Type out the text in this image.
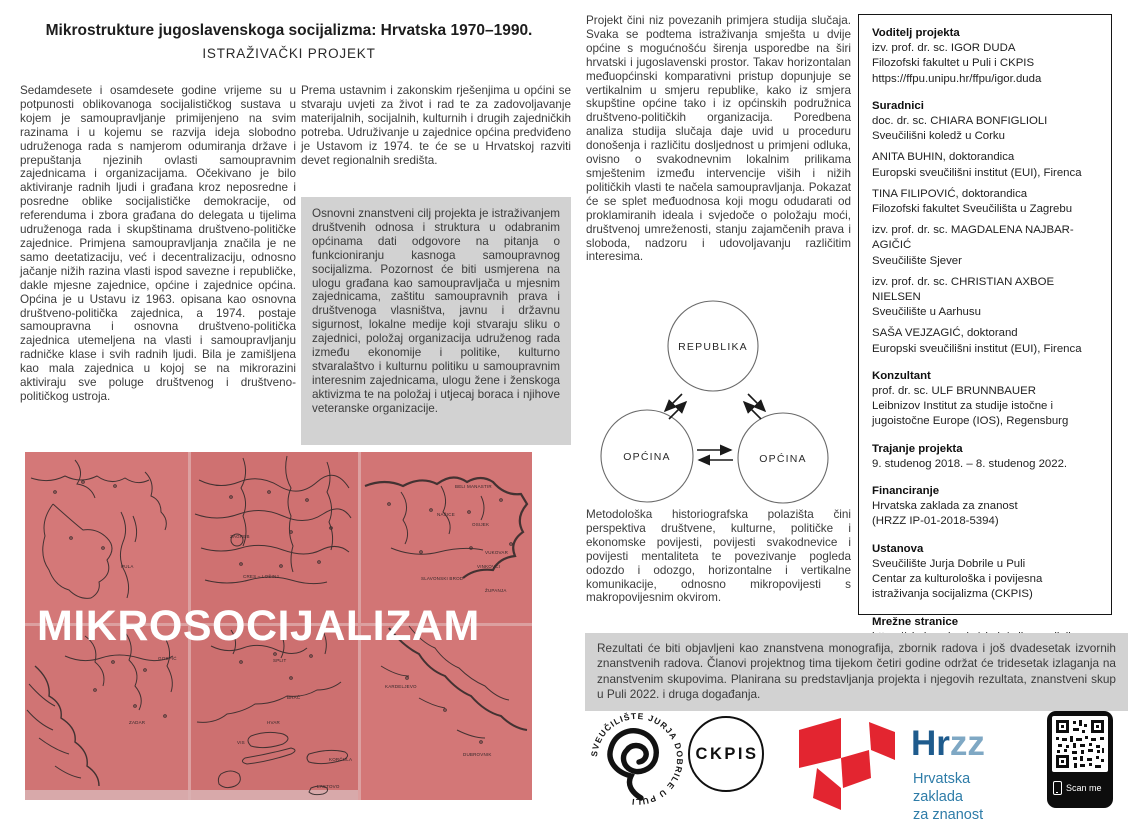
Mikrostrukture jugoslavenskoga socijalizma: Hrvatska 1970–1990.
ISTRAŽIVAČKI PROJEKT
Sedamdesete i osamdesete godine vrijeme su u potpunosti oblikovanoga socijalističkog sustava u kojem je samoupravljanje primijenjeno na svim razinama i u kojemu se razvija ideja slobodno udruženoga rada s namjerom odumiranja države i prepuštanja njezinih ovlasti samoupravnim zajednicama i organizacijama. Očekivano je bilo aktiviranje radnih ljudi i građana kroz neposredne i posredne oblike socijalističke demokracije, od referenduma i zbora građana do delegata u tijelima udruženoga rada i skupštinama društveno-političke zajednice. Primjena samoupravljanja značila je ne samo deetatizaciju, već i decentralizaciju, odnosno jačanje nižih razina vlasti ispod savezne i republičke, dakle mjesne zajednice, općine i zajednice općina. Općina je u Ustavu iz 1963. opisana kao osnovna društveno-politička zajednica, a 1974. postaje samoupravna i osnovna društveno-politička zajednica utemeljena na vlasti i samoupravljanju radničke klase i svih radnih ljudi. Bila je zamišljena kao mala zajednica u kojoj se na mikrorazini aktiviraju sve poluge društvenog i društveno-političkog ustroja.
Prema ustavnim i zakonskim rješenjima u općini se stvaraju uvjeti za život i rad te za zadovoljavanje materijalnih, socijalnih, kulturnih i drugih zajedničkih potreba. Udruživanje u zajednice općina predviđeno je Ustavom iz 1974. te će se u Hrvatskoj razviti devet regionalnih središta.
Osnovni znanstveni cilj projekta je istraživanjem društvenih odnosa i struktura u odabranim općinama dati odgovore na pitanja o funkcioniranju kasnoga samoupravnog socijalizma. Pozornost će biti usmjerena na ulogu građana kao samoupravljača u mjesnim zajednicama, zaštitu samoupravnih prava i društvenoga vlasništva, javnu i državnu sigurnost, lokalne medije koji stvaraju sliku o zajednici, položaj organizacija udruženog rada između ekonomije i politike, kulturno stvaralaštvo i kulturnu politiku u samoupravnim interesnim zajednicama, ulogu žene i ženskoga aktivizma te na položaj i utjecaj boraca i njihove veteranske organizacije.
Projekt čini niz povezanih primjera studija slučaja. Svaka se podtema istraživanja smješta u dvije općine s mogućnošću širenja usporedbe na širi hrvatski i jugoslavenski prostor. Takav horizontalan međuopćinski komparativni pristup dopunjuje se vertikalnim u smjeru republike, kako iz smjera skupštine općine tako i iz općinskih podružnica društveno-političkih organizacija. Poredbena analiza studija slučaja daje uvid u proceduru donošenja i različitu dosljednost u primjeni odluka, ovisno o svakodnevnim lokalnim prilikama smještenim između intervencije viših i nižih političkih vlasti te načela samoupravljanja. Pokazat će se splet međuodnosa koji mogu odudarati od proklamiranih ideala i svjedoče o položaju moći, društvenoj umreženosti, stanju zajamčenih prava i sloboda, nadzoru i udovoljavanju različitim interesima.
Metodološka historiografska polazišta čini perspektiva društvene, kulturne, političke i ekonomske povijesti, povijesti svakodnevice i povijesti mentaliteta te povezivanje pogleda odozdo i odozgo, horizontalne i vertikalne komunikacije, odnosno mikropovijesti s makropovijesnim okvirom.
REPUBLIKA
OPĆINA	OPĆINA
Voditelj projekta
izv. prof. dr. sc. IGOR DUDA
Filozofski fakultet u Puli i CKPIS
https://ffpu.unipu.hr/ffpu/igor.duda
Suradnici
doc. dr. sc. CHIARA BONFIGLIOLI
Sveučilišni koledž u Corku
ANITA BUHIN, doktorandica
Europski sveučilišni institut (EUI), Firenca
TINA FILIPOVIĆ, doktorandica
Filozofski fakultet Sveučilišta u Zagrebu
izv. prof. dr. sc. MAGDALENA NAJBAR-AGIČIĆ
Sveučilište Sjever
izv. prof. dr. sc. CHRISTIAN AXBOE NIELSEN
Sveučilište u Aarhusu
SAŠA VEJZAGIĆ, doktorand
Europski sveučilišni institut (EUI), Firenca
Konzultant
prof. dr. sc. ULF BRUNNBAUER
Leibnizov Institut za studije istočne i
jugoistočne Europe (IOS), Regensburg
Trajanje projekta
9. studenog 2018. – 8. studenog 2022.
Financiranje
Hrvatska zaklada za znanost
(HRZZ IP-01-2018-5394)
Ustanova
Sveučilište Jurja Dobrile u Puli
Centar za kulturološka i povijesna
istraživanja socijalizma (CKPIS)
Mrežne stranice
PULA
CRES – LOŠINJ
ZAGREB
BELI MANASTIR
NAŠICE
OSIJEK
VUKOVAR
VINKOVCI
SLAVONSKI BROD
ŽUPANJA
GOSPIĆ
ZADAR
SPLIT
BRAČ
HVAR
VIS
KORČULA
LASTOVO
KARDELJEVO
DUBROVNIK
MIKROSOCIJALIZAM	Rezultati će biti objavljeni kao znanstvena monografija, zbornik radova i još dvadesetak izvornih znanstvenih radova. Članovi projektnog tima tijekom četiri godine održat će tridesetak izlaganja na znanstvenim skupovima. Planirana su predstavljanja projekta i njegovih rezultata, znanstveni skup u Puli 2022. i druga događanja.
SVEUČILIŠTE JURJA DOBRILE U PULI
CKPIS	Hrzz
Hrvatska zaklada
za znanost
Scan me
